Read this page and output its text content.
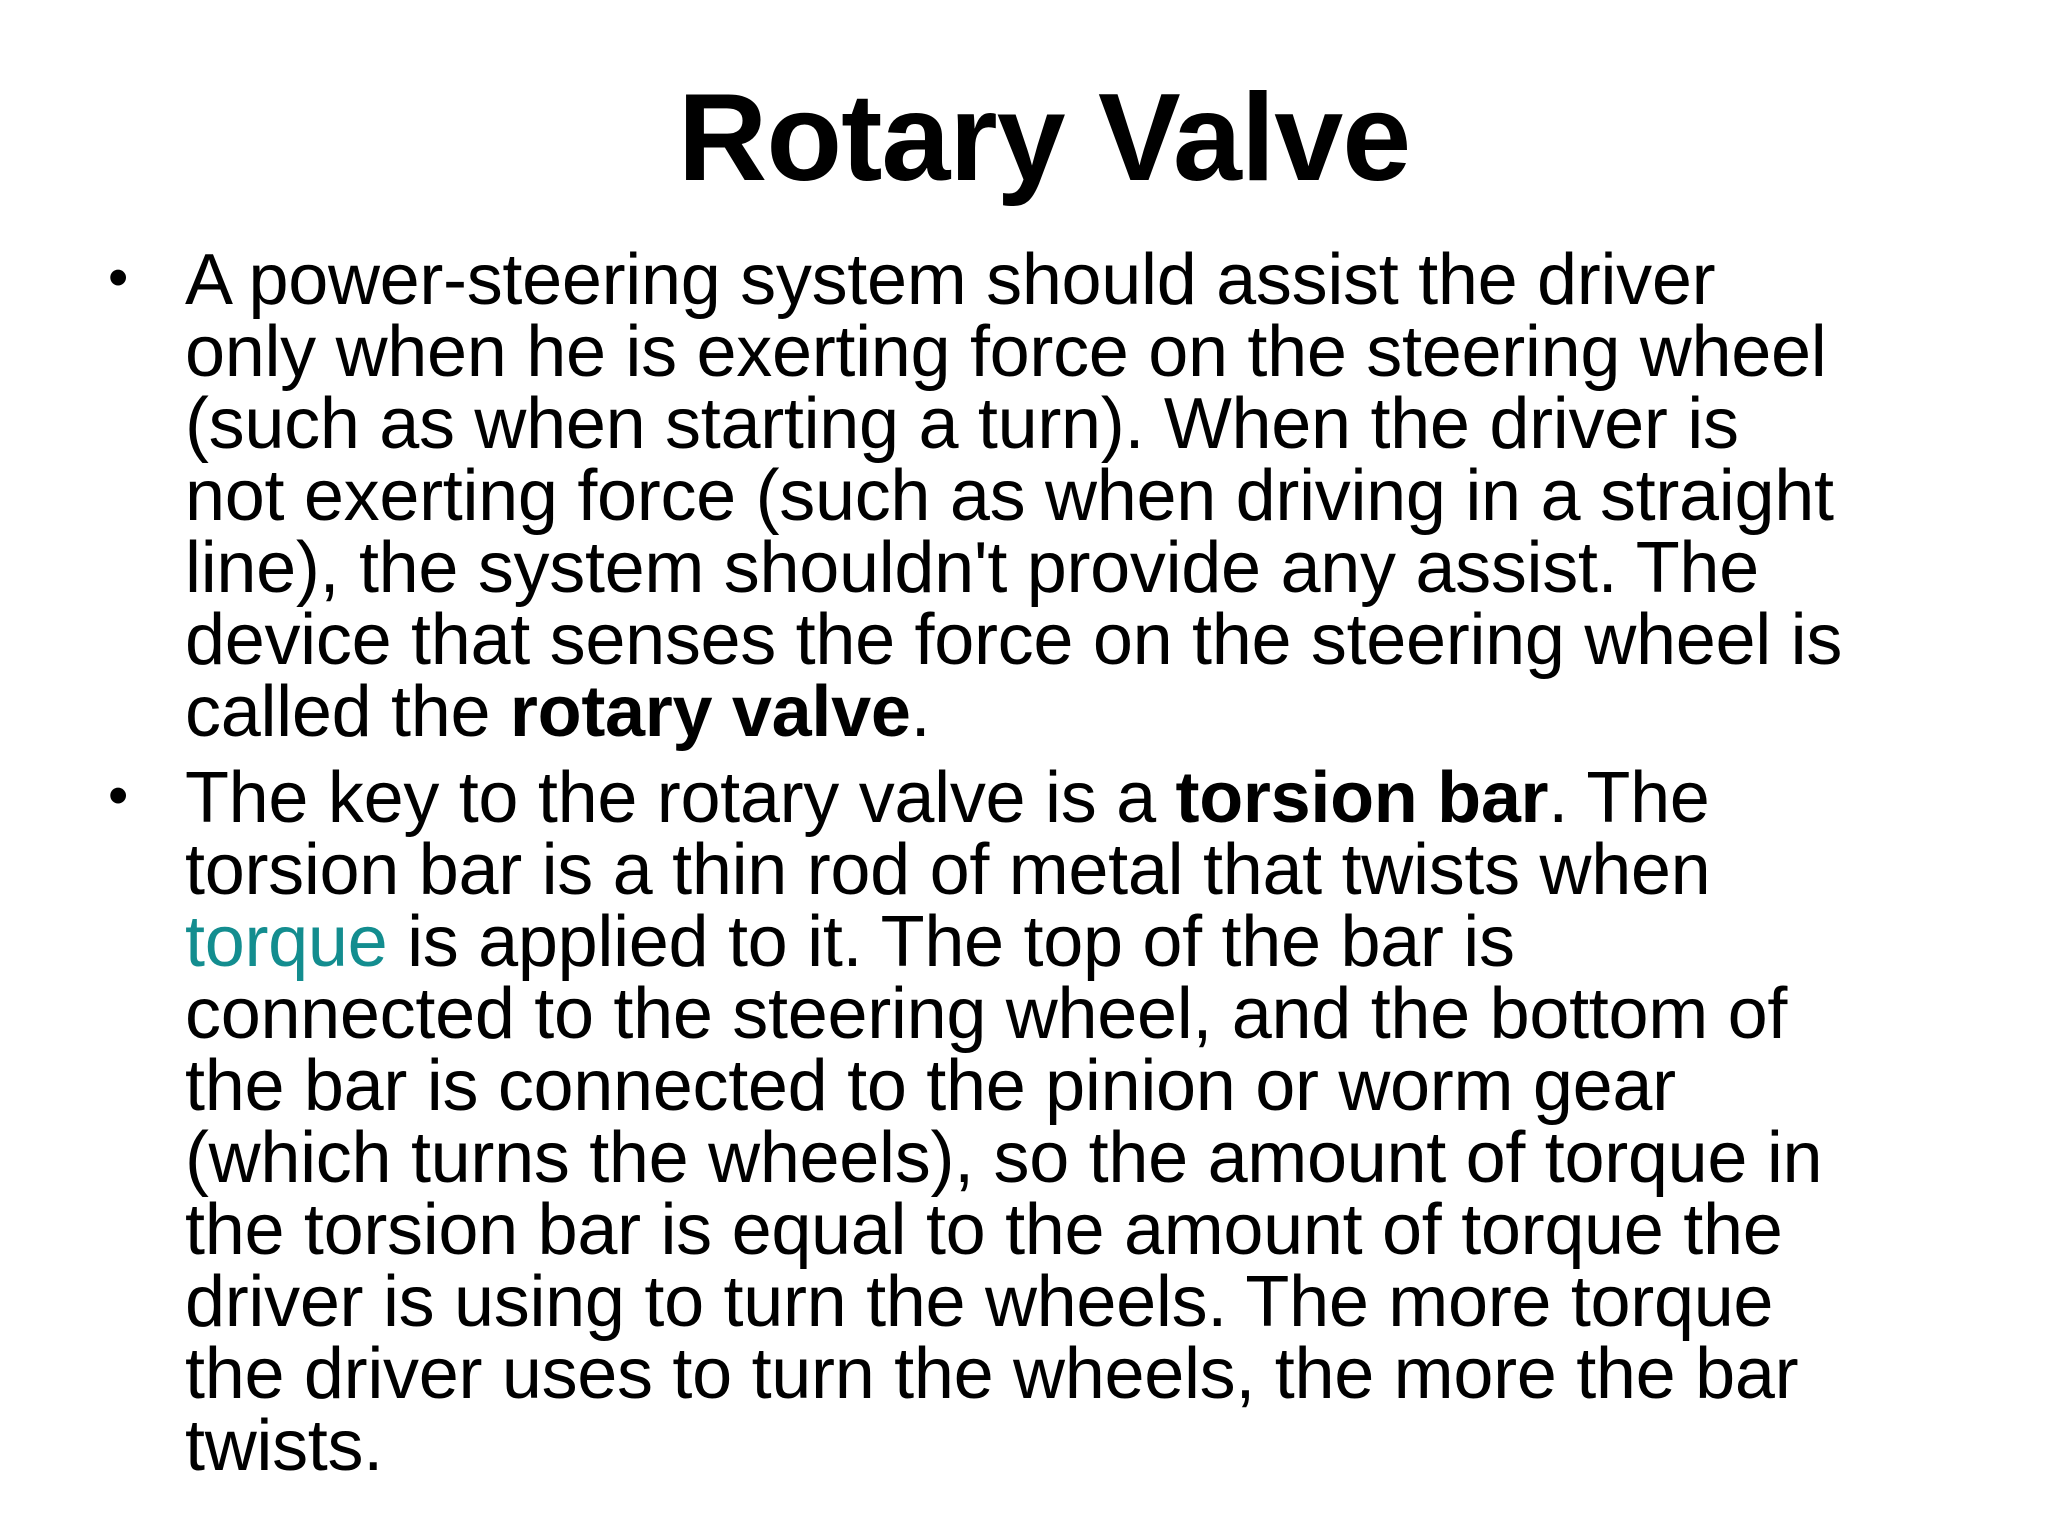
Rotary Valve
• A power-steering system should assist the driver
only when he is exerting force on the steering wheel
(such as when starting a turn). When the driver is
not exerting force (such as when driving in a straight
line), the system shouldn't provide any assist. The
device that senses the force on the steering wheel is
called the rotary valve.
• The key to the rotary valve is a torsion bar. The
torsion bar is a thin rod of metal that twists when
torque is applied to it. The top of the bar is
connected to the steering wheel, and the bottom of
the bar is connected to the pinion or worm gear
(which turns the wheels), so the amount of torque in
the torsion bar is equal to the amount of torque the
driver is using to turn the wheels. The more torque
the driver uses to turn the wheels, the more the bar
twists.
